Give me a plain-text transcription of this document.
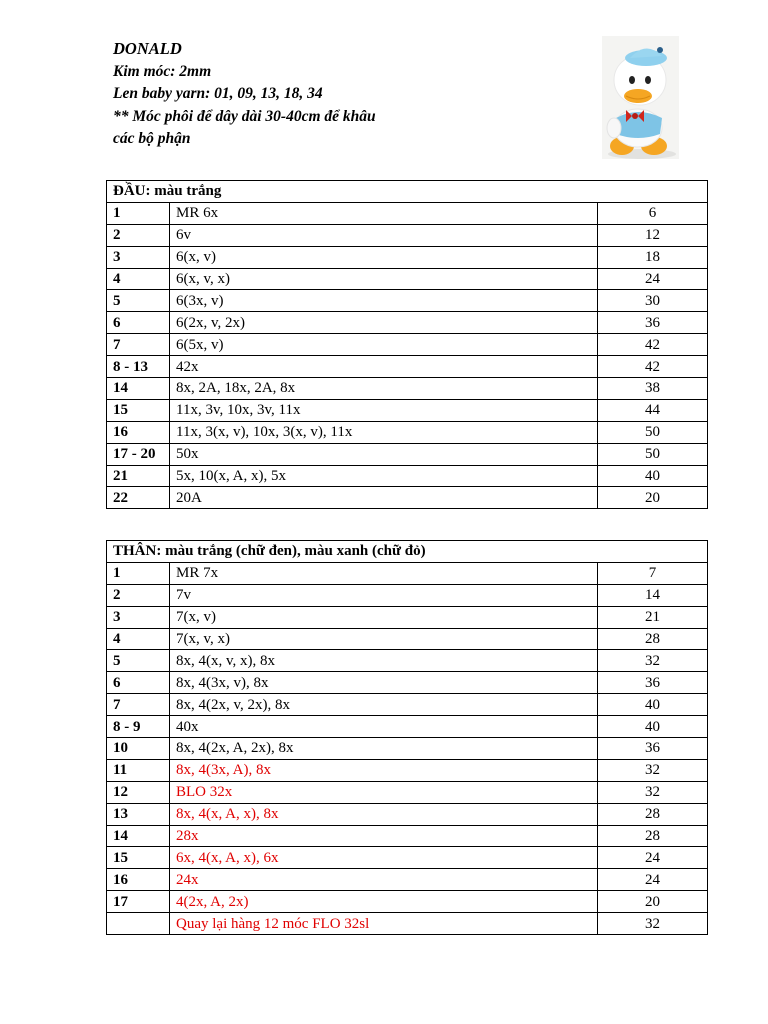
DONALD
Kim móc: 2mm
Len baby yarn: 01, 09, 13, 18, 34
** Móc phôi để dây dài 30-40cm để khâu
các bộ phận
ĐẦU: màu trắng		
1	MR 6x	6
2	6v	12
3	6(x, v)	18
4	6(x, v, x)	24
5	6(3x, v)	30
6	6(2x, v, 2x)	36
7	6(5x, v)	42
8 - 13	42x	42
14	8x, 2A, 18x, 2A, 8x	38
15	11x, 3v, 10x, 3v, 11x	44
16	11x, 3(x, v), 10x, 3(x, v), 11x	50
17 - 20	50x	50
21	5x, 10(x, A, x), 5x	40
22	20A	20
THÂN: màu trắng (chữ đen), màu xanh (chữ đỏ)		
1	MR 7x	7
2	7v	14
3	7(x, v)	21
4	7(x, v, x)	28
5	8x, 4(x, v, x), 8x	32
6	8x, 4(3x, v), 8x	36
7	8x, 4(2x, v, 2x), 8x	40
8 - 9	40x	40
10	8x, 4(2x, A, 2x), 8x	36
11	8x, 4(3x, A), 8x	32
12	BLO 32x	32
13	8x, 4(x, A, x), 8x	28
14	28x	28
15	6x, 4(x, A, x), 6x	24
16	24x	24
17	4(2x, A, 2x)	20
	Quay lại hàng 12 móc FLO 32sl	32
